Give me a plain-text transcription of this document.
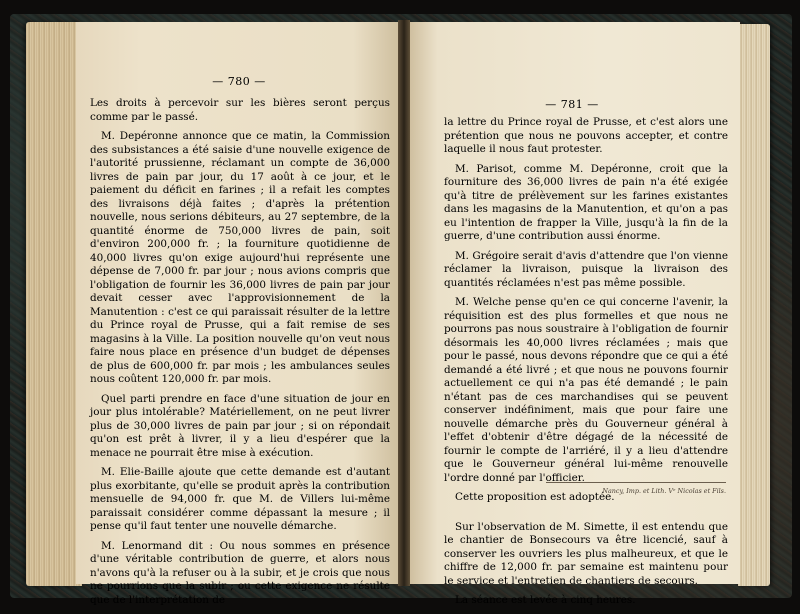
— 780 —

Les droits à percevoir sur les bières seront perçus comme par le passé.

M. Depéronne annonce que ce matin, la Commission des subsistances a été saisie d'une nouvelle exigence de l'autorité prussienne, réclamant un compte de 36,000 livres de pain par jour, du 17 août à ce jour, et le paiement du déficit en farines ; il a refait les comptes des livraisons déjà faites ; d'après la prétention nouvelle, nous serions débiteurs, au 27 septembre, de la quantité énorme de 750,000 livres de pain, soit d'environ 200,000 fr. ; la fourniture quotidienne de 40,000 livres qu'on exige aujourd'hui représente une dépense de 7,000 fr. par jour ; nous avions compris que l'obligation de fournir les 36,000 livres de pain par jour devait cesser avec l'approvisionnement de la Manutention : c'est ce qui paraissait résulter de la lettre du Prince royal de Prusse, qui a fait remise de ses magasins à la Ville. La position nouvelle qu'on veut nous faire nous place en présence d'un budget de dépenses de plus de 600,000 fr. par mois ; les ambulances seules nous coûtent 120,000 fr. par mois.

Quel parti prendre en face d'une situation de jour en jour plus intolérable? Matériellement, on ne peut livrer plus de 30,000 livres de pain par jour ; si on répondait qu'on est prêt à livrer, il y a lieu d'espérer que la menace ne pourrait être mise à exécution.

M. Elie-Baille ajoute que cette demande est d'autant plus exorbitante, qu'elle se produit après la contribution mensuelle de 94,000 fr. que M. de Villers lui-même paraissait considérer comme dépassant la mesure ; il pense qu'il faut tenter une nouvelle démarche.

M. Lenormand dit : Ou nous sommes en présence d'une véritable contribution de guerre, et alors nous n'avons qu'à la refuser ou à la subir, et je crois que nous ne pourrions que la subir ; ou cette exigence ne résulte que de l'interprétation de

— 781 —

la lettre du Prince royal de Prusse, et c'est alors une prétention que nous ne pouvons accepter, et contre laquelle il nous faut protester.

M. Parisot, comme M. Depéronne, croit que la fourniture des 36,000 livres de pain n'a été exigée qu'à titre de prélèvement sur les farines existantes dans les magasins de la Manutention, et qu'on a pas eu l'intention de frapper la Ville, jusqu'à la fin de la guerre, d'une contribution aussi énorme.

M. Grégoire serait d'avis d'attendre que l'on vienne réclamer la livraison, puisque la livraison des quantités réclamées n'est pas même possible.

M. Welche pense qu'en ce qui concerne l'avenir, la réquisition est des plus formelles et que nous ne pourrons pas nous soustraire à l'obligation de fournir désormais les 40,000 livres réclamées ; mais que pour le passé, nous devons répondre que ce qui a été demandé a été livré ; et que nous ne pouvons fournir actuellement ce qui n'a pas été demandé ; le pain n'étant pas de ces marchandises qui se peuvent conserver indéfiniment, mais que pour faire une nouvelle démarche près du Gouverneur général à l'effet d'obtenir d'être dégagé de la nécessité de fournir le compte de l'arriéré, il y a lieu d'attendre que le Gouverneur général lui-même renouvelle l'ordre donné par l'officier.

Cette proposition est adoptée.

Sur l'observation de M. Simette, il est entendu que le chantier de Bonsecours va être licencié, sauf à conserver les ouvriers les plus malheureux, et que le chiffre de 12,000 fr. par semaine est maintenu pour le service et l'entretien de chantiers de secours.

La séance est levée à cinq heures.

Nancy, Imp. et Lith. Vᵉ Nicolas et Fils.
